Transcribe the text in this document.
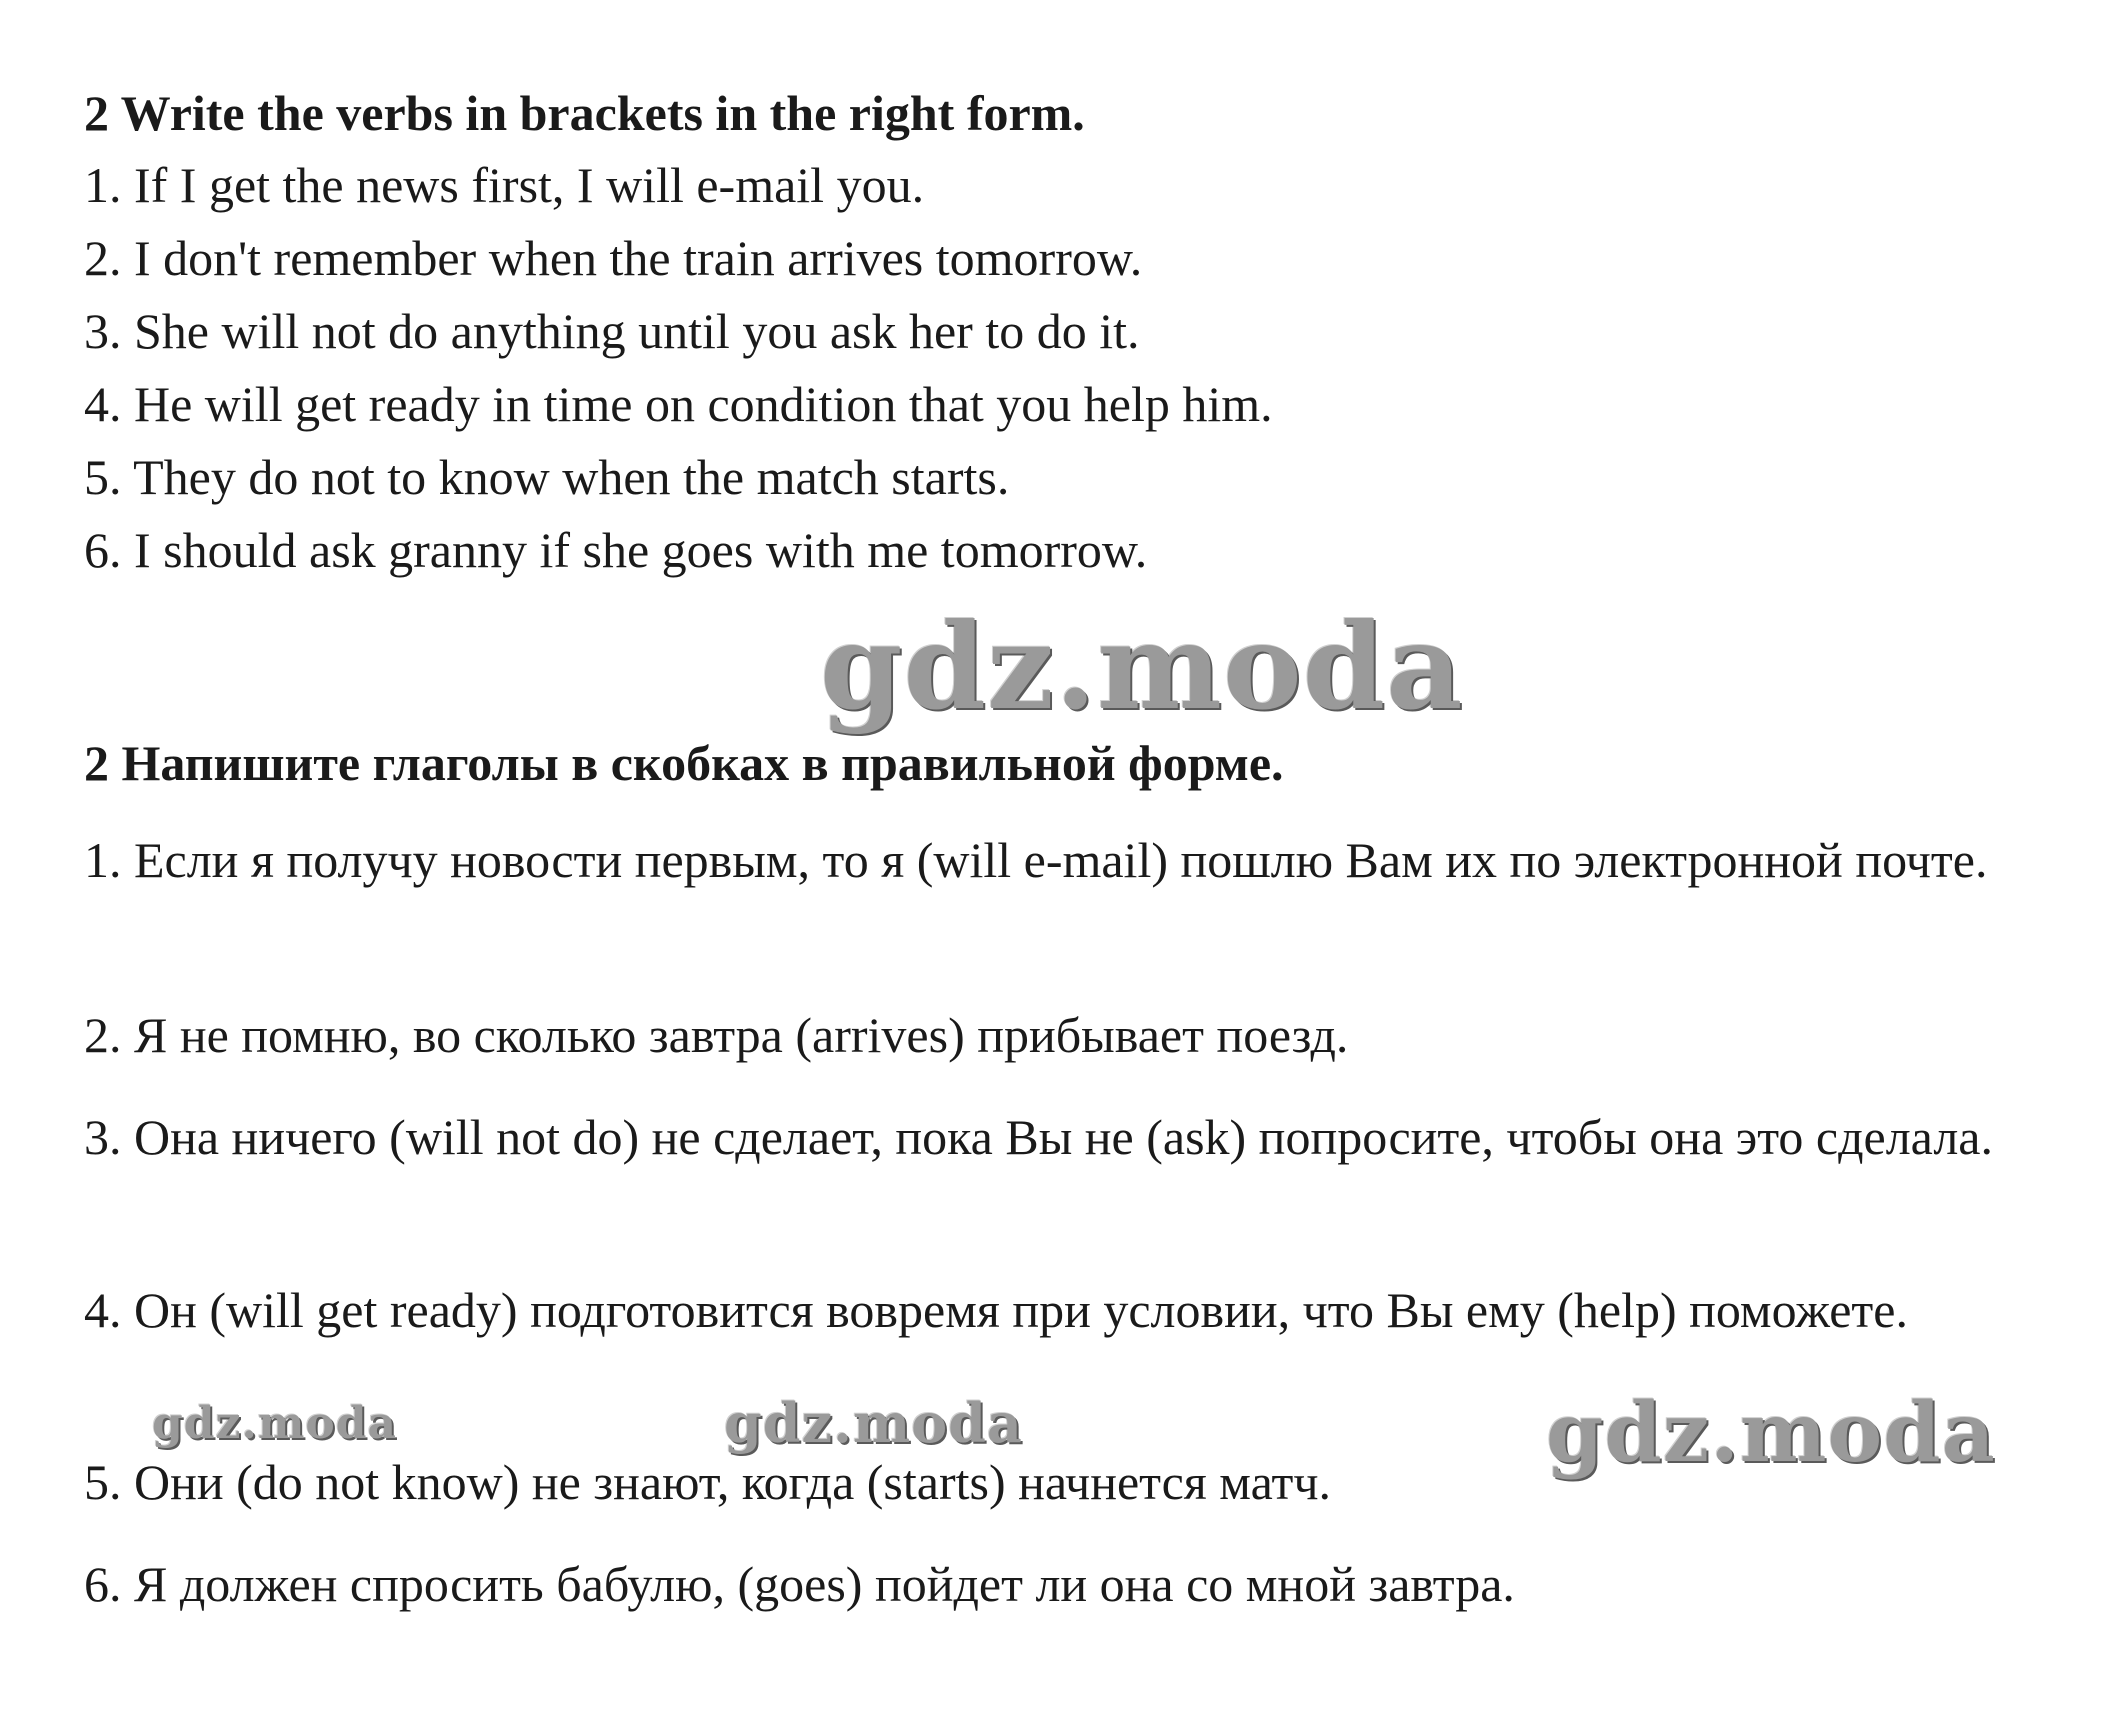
2 Write the verbs in brackets in the right form.

1. If I get the news first, I will e-mail you.

2. I don't remember when the train arrives tomorrow.

3. She will not do anything until you ask her to do it.

4. He will get ready in time on condition that you help him.

5. They do not to know when the match starts.

6. I should ask granny if she goes with me tomorrow.

gdz.moda
2 Напишите глаголы в скобках в правильной форме.

1. Если я получу новости первым, то я (will e-mail) пошлю Вам их по электронной почте.

2. Я не помню, во сколько завтра (arrives) прибывает поезд.

3. Она ничего (will not do) не сделает, пока Вы не (ask) попросите, чтобы она это сделала.

4. Он (will get ready) подготовится вовремя при условии, что Вы ему (help) поможете.

5. Они (do not know) не знают, когда (starts) начнется матч.

6. Я должен спросить бабулю, (goes) пойдет ли она со мной завтра.

gdz.moda	gdz.moda	gdz.moda
